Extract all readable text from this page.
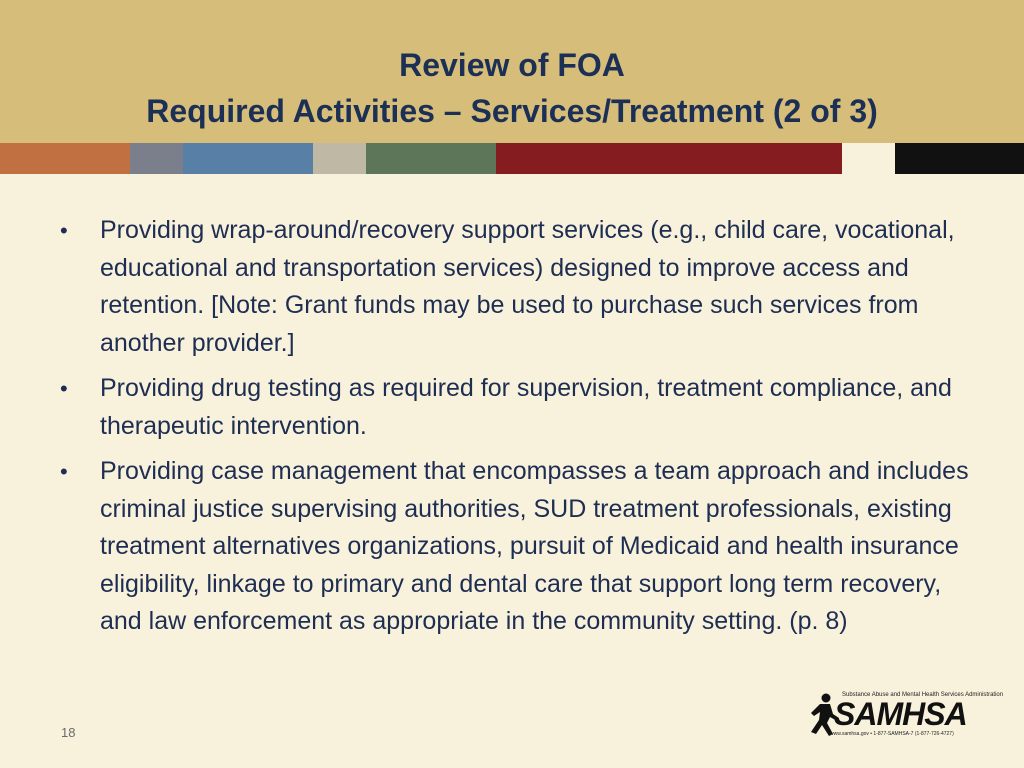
Review of FOA
Required Activities – Services/Treatment (2 of 3)
• Providing wrap-around/recovery support services (e.g., child care, vocational, educational and transportation services) designed to improve access and retention. [Note: Grant funds may be used to purchase such services from another provider.]
• Providing drug testing as required for supervision, treatment compliance, and therapeutic intervention.
• Providing case management that encompasses a team approach and includes criminal justice supervising authorities, SUD treatment professionals, existing treatment alternatives organizations, pursuit of Medicaid and health insurance eligibility, linkage to primary and dental care that support long term recovery, and law enforcement as appropriate in the community setting. (p. 8)
18
Substance Abuse and Mental Health Services Administration
SAMHSA
www.samhsa.gov • 1-877-SAMHSA-7 (1-877-726-4727)
